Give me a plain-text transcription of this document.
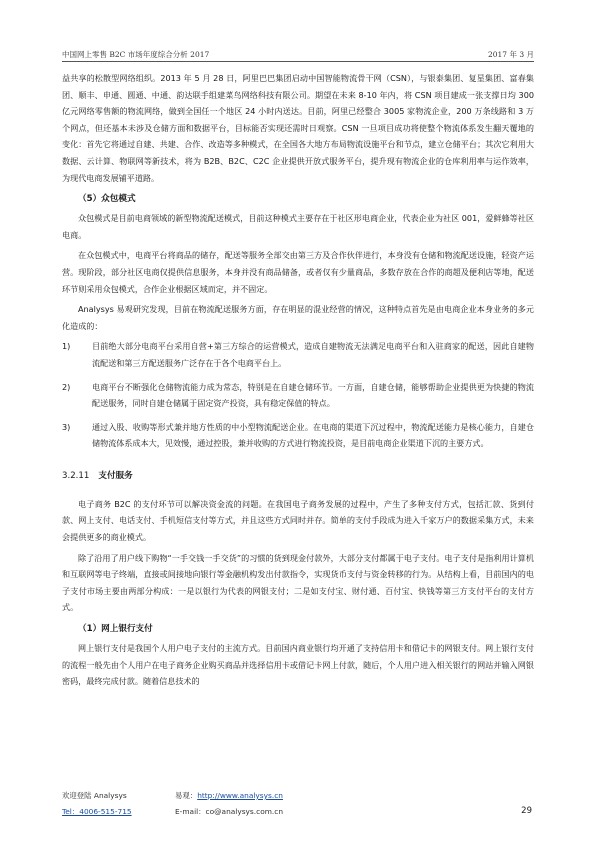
中国网上零售 B2C 市场年度综合分析 2017	2017 年 3 月

益共享的松散型网络组织。2013 年 5 月 28 日，阿里巴巴集团启动中国智能物流骨干网（CSN），与银泰集团、复星集团、富春集团、顺丰、申通、圆通、中通、韵达联手组建菜鸟网络科技有限公司。期望在未来 8-10 年内，将 CSN 项目建成一张支撑日均 300 亿元网络零售额的物流网络，做到全国任一个地区 24 小时内送达。目前，阿里已经整合 3005 家物流企业，200 万条线路和 3 万个网点，但还基本未涉及仓储方面和数据平台，目标能否实现还需时日观察。CSN 一旦项目成功将使整个物流体系发生翻天覆地的变化：首先它将通过自建、共建、合作、改造等多种模式，在全国各大地方布局物流设施平台和节点，建立仓储平台；其次它利用大数据、云计算、物联网等新技术，将为 B2B、B2C、C2C 企业提供开放式服务平台，提升现有物流企业的仓库利用率与运作效率，为现代电商发展铺平道路。

（5）众包模式

众包模式是目前电商领域的新型物流配送模式，目前这种模式主要存在于社区形电商企业，代表企业为社区 001，爱鲜蜂等社区电商。

在众包模式中，电商平台将商品的储存，配送等服务全部交由第三方及合作伙伴进行，本身没有仓储和物流配送设施，轻资产运营。现阶段，部分社区电商仅提供信息服务，本身并没有商品储备，或者仅有少量商品，多数存放在合作的商超及便利店等地，配送环节则采用众包模式，合作企业根据区域而定，并不固定。

Analysys 易观研究发现，目前在物流配送服务方面，存在明显的混业经营的情况，这种特点首先是由电商企业本身业务的多元化造成的：

1)	目前绝大部分电商平台采用自营+第三方综合的运营模式，造成自建物流无法满足电商平台和入驻商家的配送，因此自建物流配送和第三方配送服务广泛存在于各个电商平台上。
2)	电商平台不断强化仓储物流能力成为常态，特别是在自建仓储环节。一方面，自建仓储，能够帮助企业提供更为快捷的物流配送服务，同时自建仓储属于固定资产投资，具有稳定保值的特点。
3)	通过入股、收购等形式兼并地方性质的中小型物流配送企业。在电商的渠道下沉过程中，物流配送能力是核心能力，自建仓储物流体系成本大，见效慢，通过控股，兼并收购的方式进行物流投资，是目前电商企业渠道下沉的主要方式。
3.2.11 支付服务

电子商务 B2C 的支付环节可以解决资金流的问题。在我国电子商务发展的过程中，产生了多种支付方式，包括汇款、货到付款、网上支付、电话支付、手机短信支付等方式，并且这些方式同时并存。简单的支付手段成为进入千家万户的数据采集方式，未来会提供更多的商业模式。

除了沿用了用户线下购物“一手交钱一手交货”的习惯的货到现金付款外，大部分支付都属于电子支付。电子支付是指利用计算机和互联网等电子终端，直接或间接地向银行等金融机构发出付款指令，实现货币支付与资金转移的行为。从结构上看，目前国内的电子支付市场主要由两部分构成：一是以银行为代表的网银支付；二是如支付宝、财付通、百付宝、快钱等第三方支付平台的支付方式。

（1）网上银行支付

网上银行支付是我国个人用户电子支付的主流方式。目前国内商业银行均开通了支持信用卡和借记卡的网银支付。网上银行支付的流程一般先由个人用户在电子商务企业购买商品并选择信用卡或借记卡网上付款，随后，个人用户进入相关银行的网站并输入网银密码，最终完成付款。随着信息技术的

欢迎登陆 Analysys	易观：http://www.analysys.cn
Tel：4006-515-715	E-mail：co@analysys.com.cn	29
